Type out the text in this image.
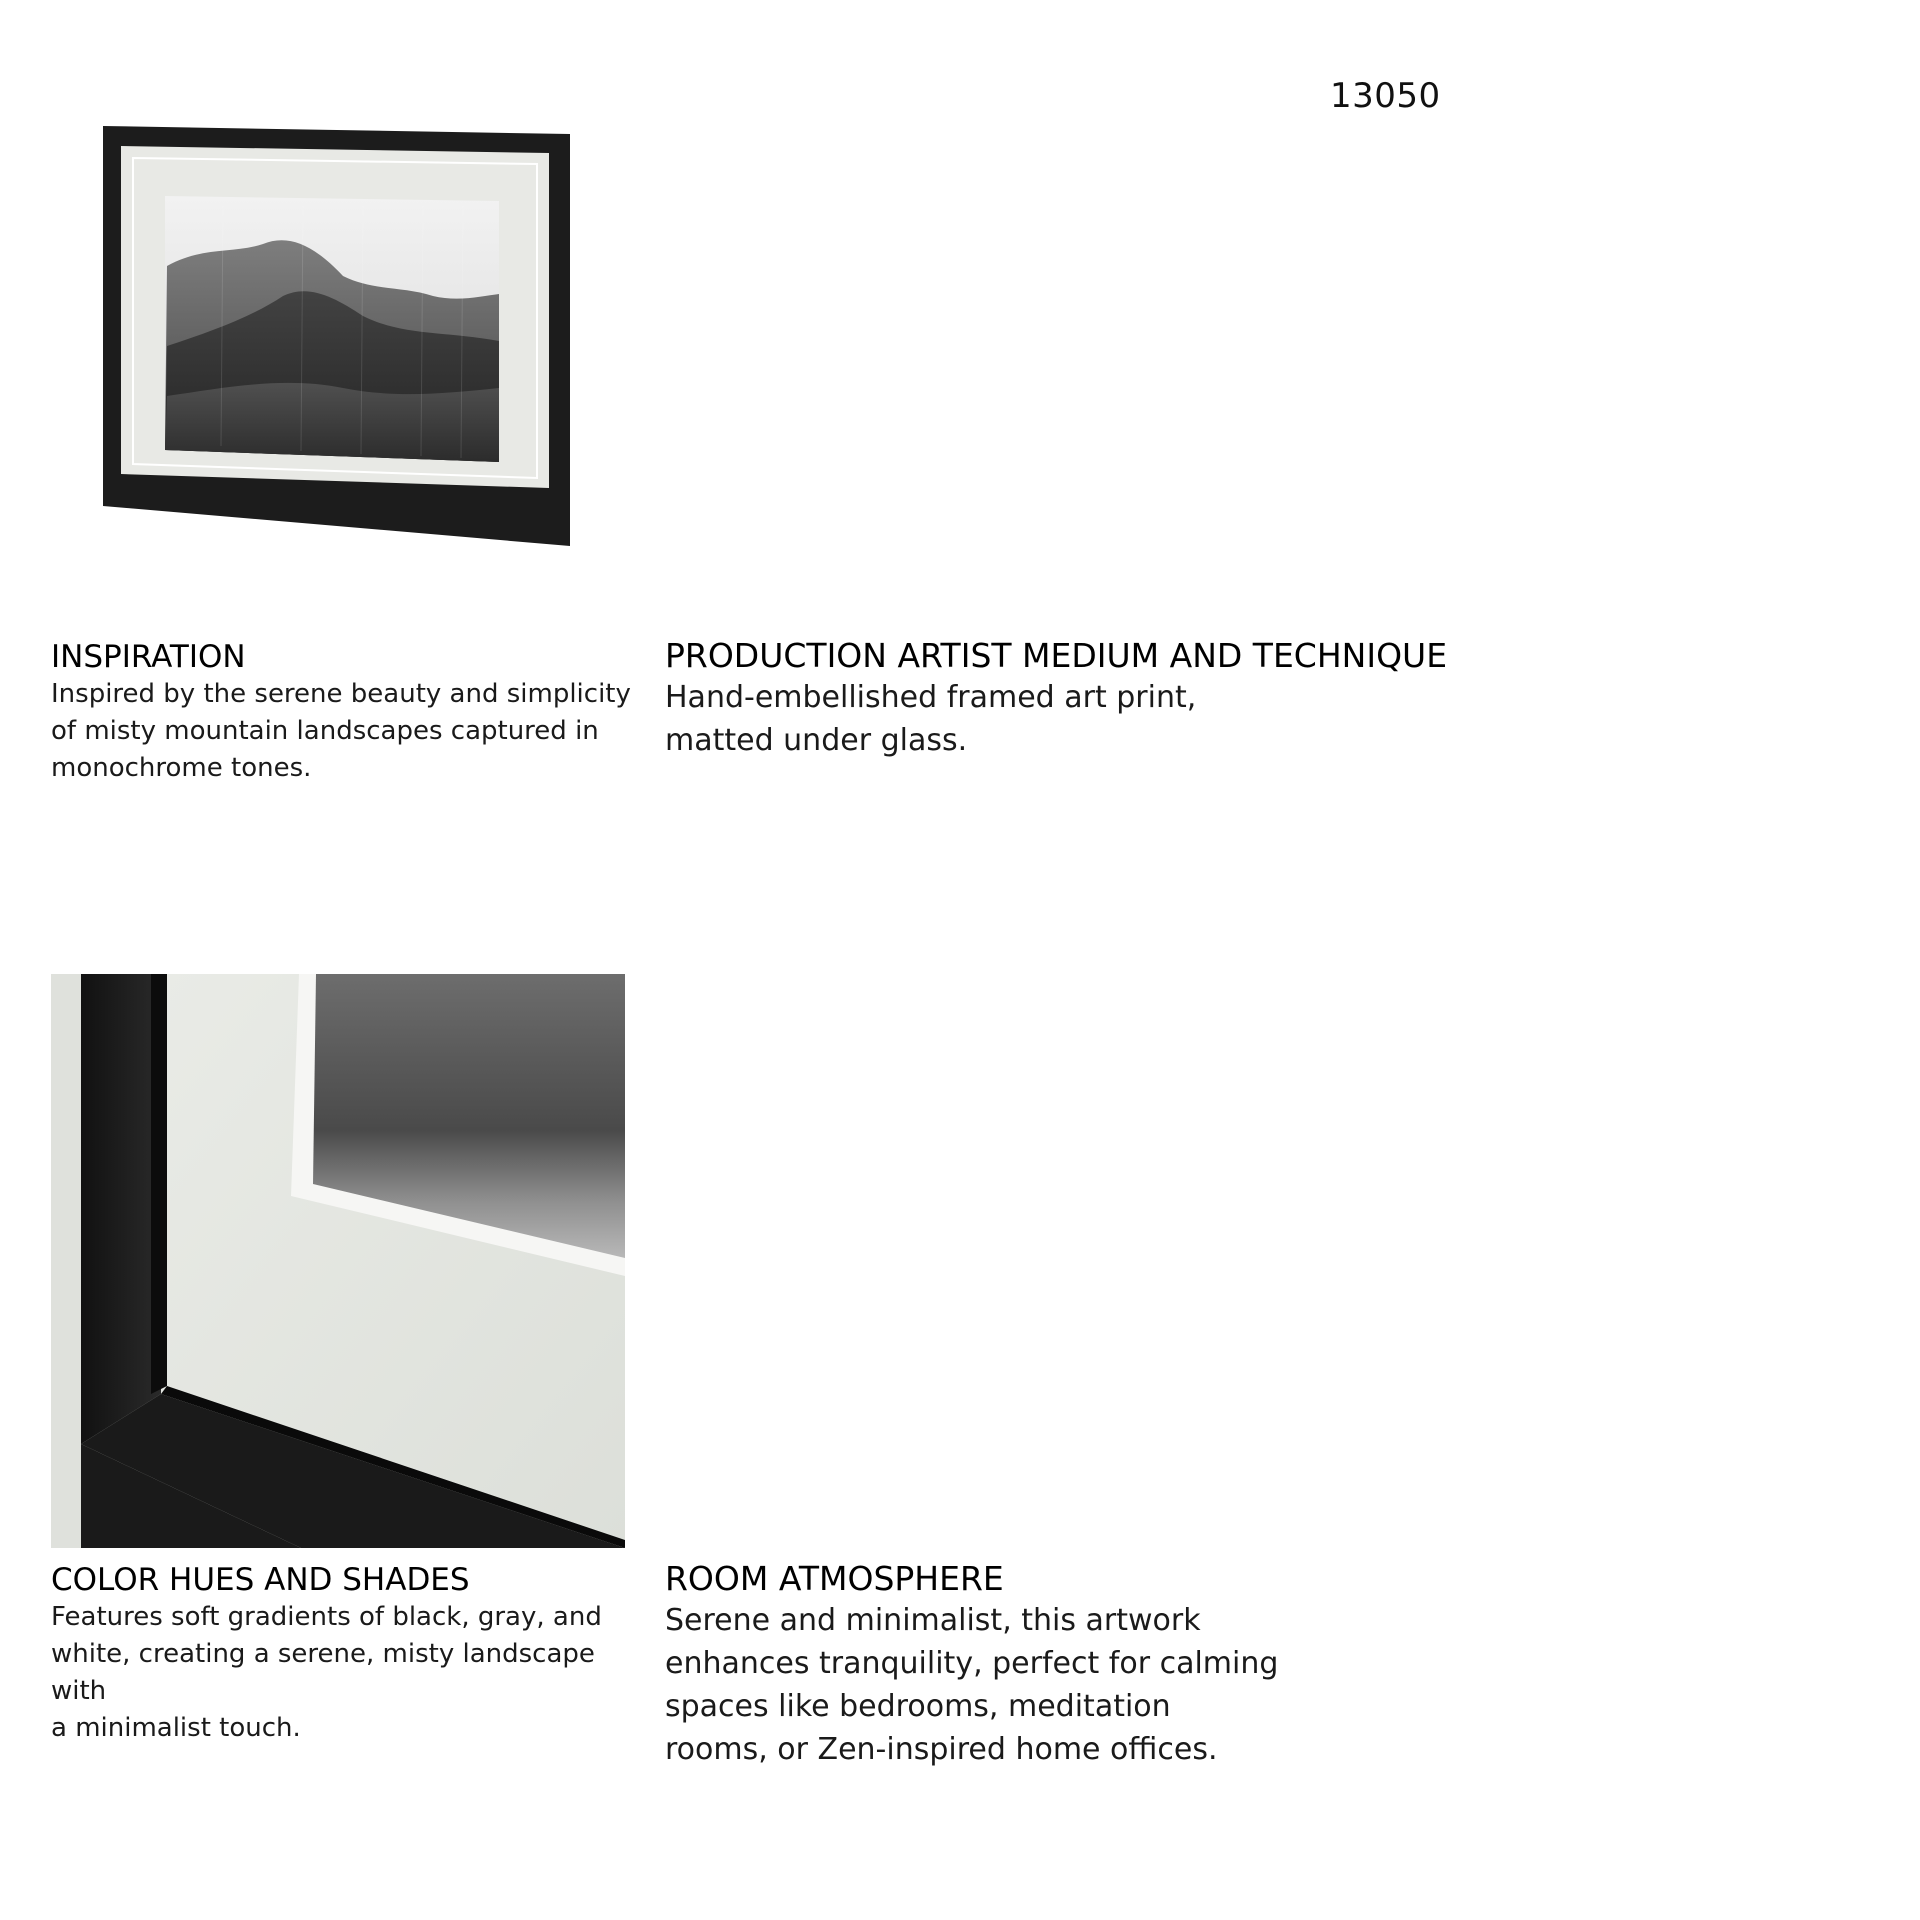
13050
INSPIRATION

Inspired by the serene beauty and simplicity
of misty mountain landscapes captured in
monochrome tones.

PRODUCTION ARTIST MEDIUM AND TECHNIQUE

Hand-embellished framed art print,
matted under glass.

COLOR HUES AND SHADES

Features soft gradients of black, gray, and
white, creating a serene, misty landscape with
a minimalist touch.

ROOM ATMOSPHERE

Serene and minimalist, this artwork
enhances tranquility, perfect for calming
spaces like bedrooms, meditation
rooms, or Zen-inspired home offices.
